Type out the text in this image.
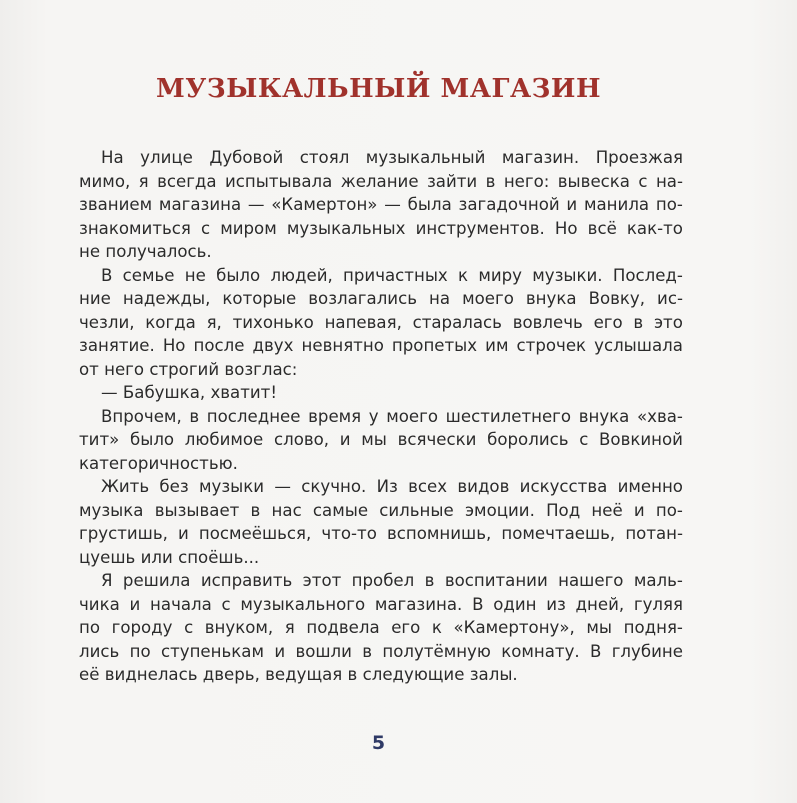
МУЗЫКАЛЬНЫЙ МАГАЗИН
На улице Дубовой стоял музыкальный магазин. Проезжая
мимо, я всегда испытывала желание зайти в него: вывеска с на-
званием магазина — «Камертон» — была загадочной и манила по-
знакомиться с миром музыкальных инструментов. Но всё как-то
не получалось.
В семье не было людей, причастных к миру музыки. Послед-
ние надежды, которые возлагались на моего внука Вовку, ис-
чезли, когда я, тихонько напевая, старалась вовлечь его в это
занятие. Но после двух невнятно пропетых им строчек услышала
от него строгий возглас:
— Бабушка, хватит!
Впрочем, в последнее время у моего шестилетнего внука «хва-
тит» было любимое слово, и мы всячески боролись с Вовкиной
категоричностью.
Жить без музыки — скучно. Из всех видов искусства именно
музыка вызывает в нас самые сильные эмоции. Под неё и по-
грустишь, и посмеёшься, что-то вспомнишь, помечтаешь, потан-
цуешь или споёшь...
Я решила исправить этот пробел в воспитании нашего маль-
чика и начала с музыкального магазина. В один из дней, гуляя
по городу с внуком, я подвела его к «Камертону», мы подня-
лись по ступенькам и вошли в полутёмную комнату. В глубине
её виднелась дверь, ведущая в следующие залы.
5
